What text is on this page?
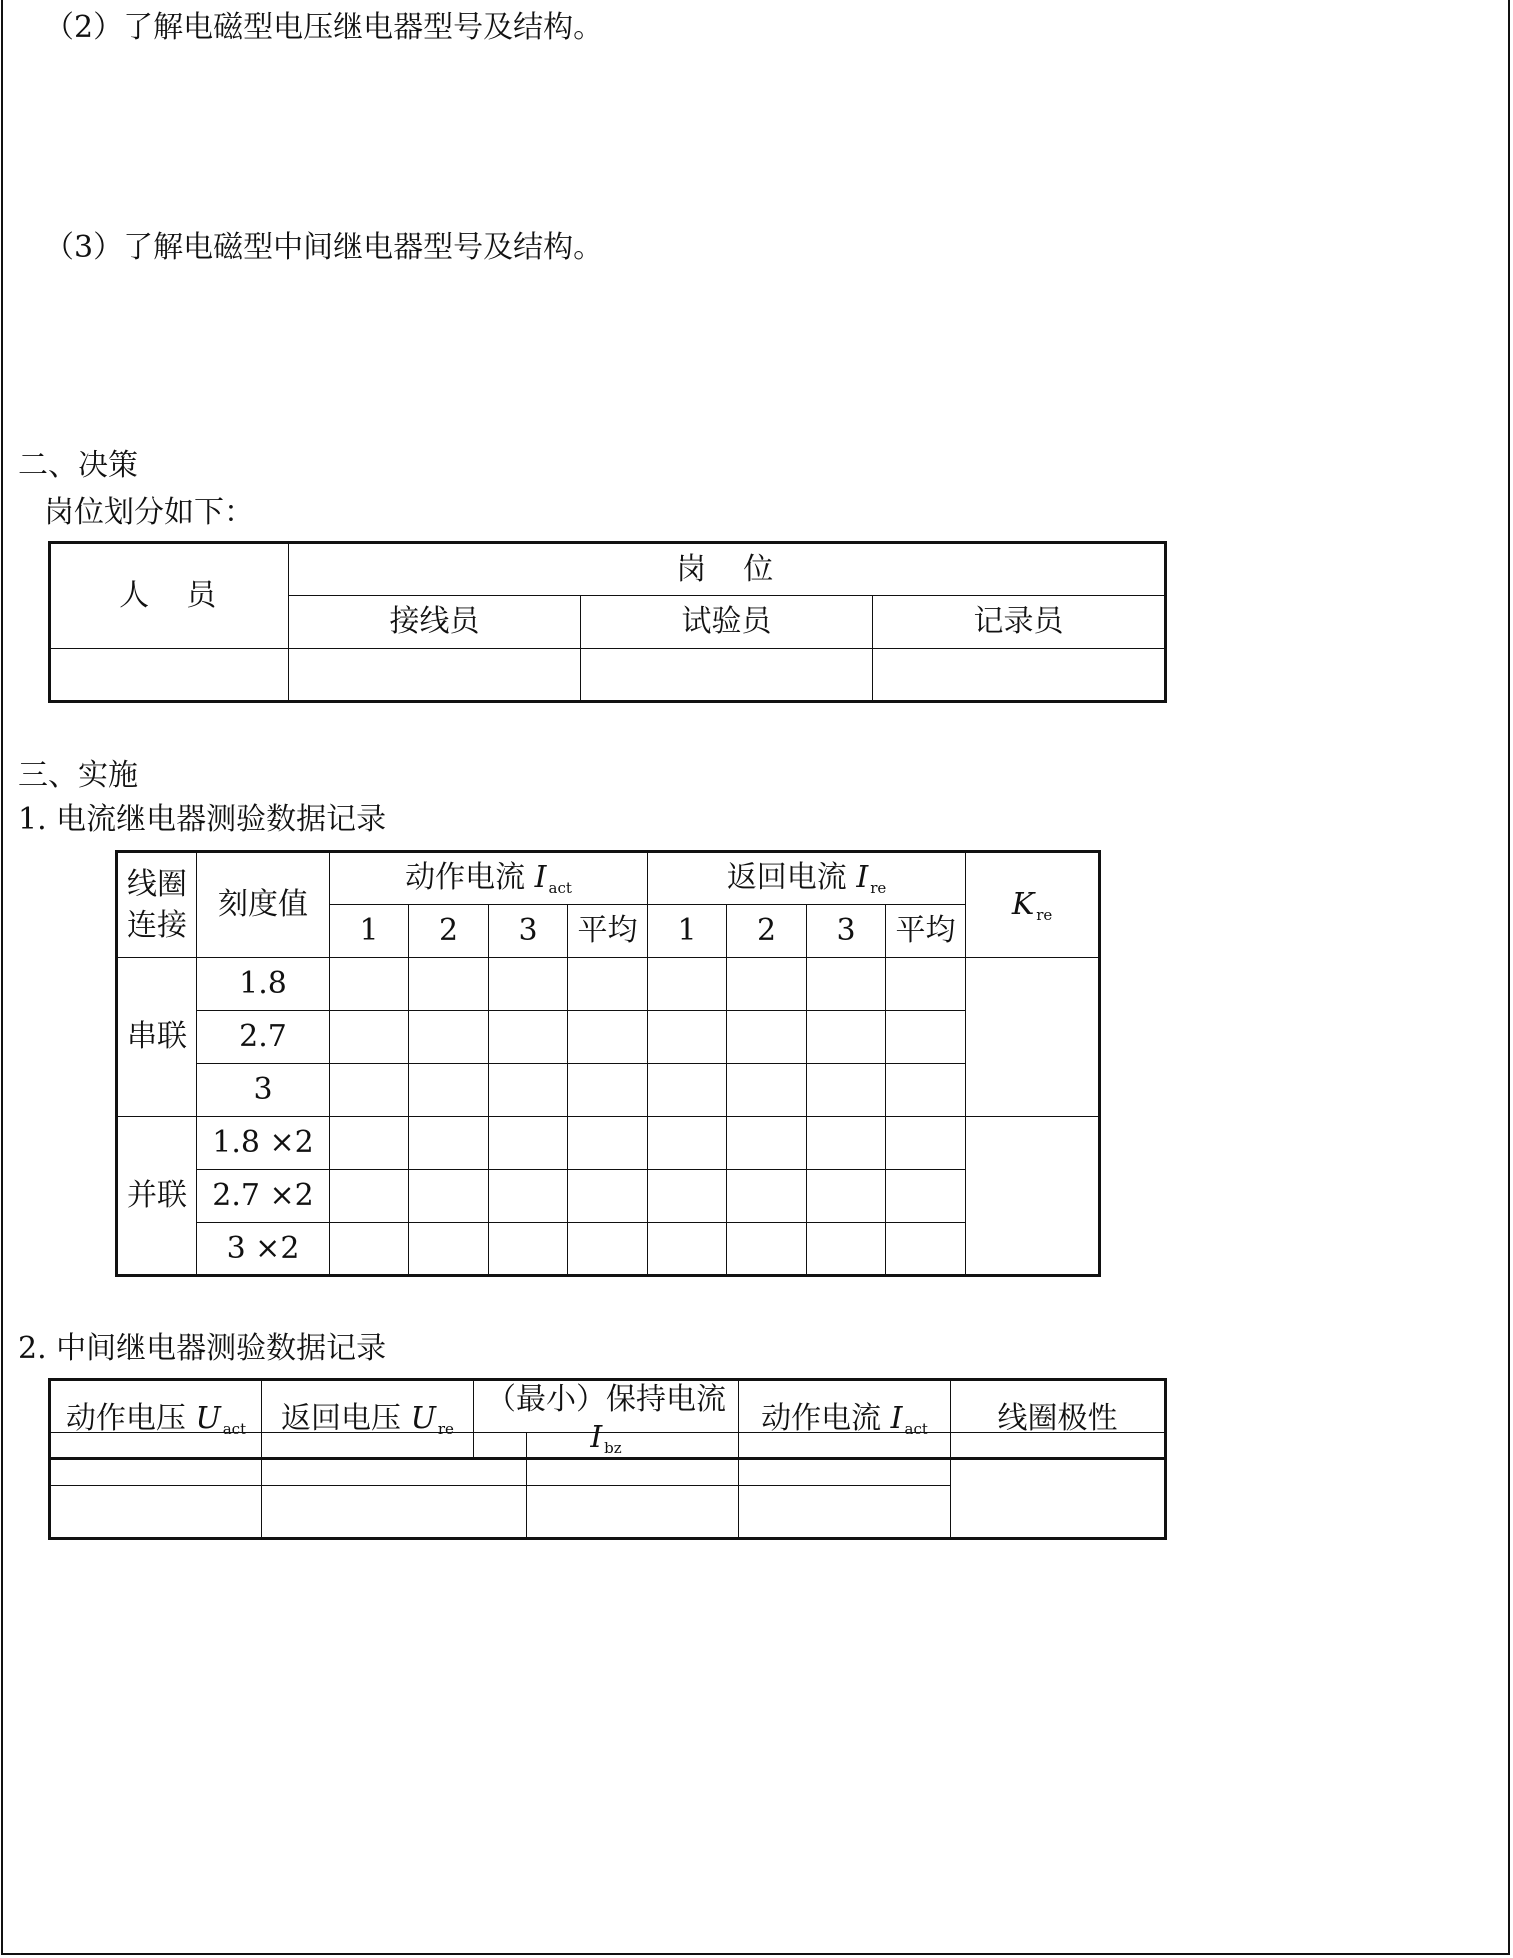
（2）了解电磁型电压继电器型号及结构。
（3）了解电磁型中间继电器型号及结构。
二、决策
岗位划分如下：
人　员	岗　位		
	接线员	试验员	记录员

三、实施
1. 电流继电器测验数据记录
线圈
连接	刻度值	动作电流 I $_{act}$				返回电流 I $_{re}$				K $_{re}$
		1	2	3	平均	1	2	3	平均	
串联	1.8									
	2.7									
	3									
并联	1.8 ×2									
	2.7 ×2									
	3 ×2									
2. 中间继电器测验数据记录
动作电压 U $_{act}$	返回电压 U $_{re}$	（最小）保持电流 I $_{bz}$	动作电流 I $_{act}$	线圈极性
